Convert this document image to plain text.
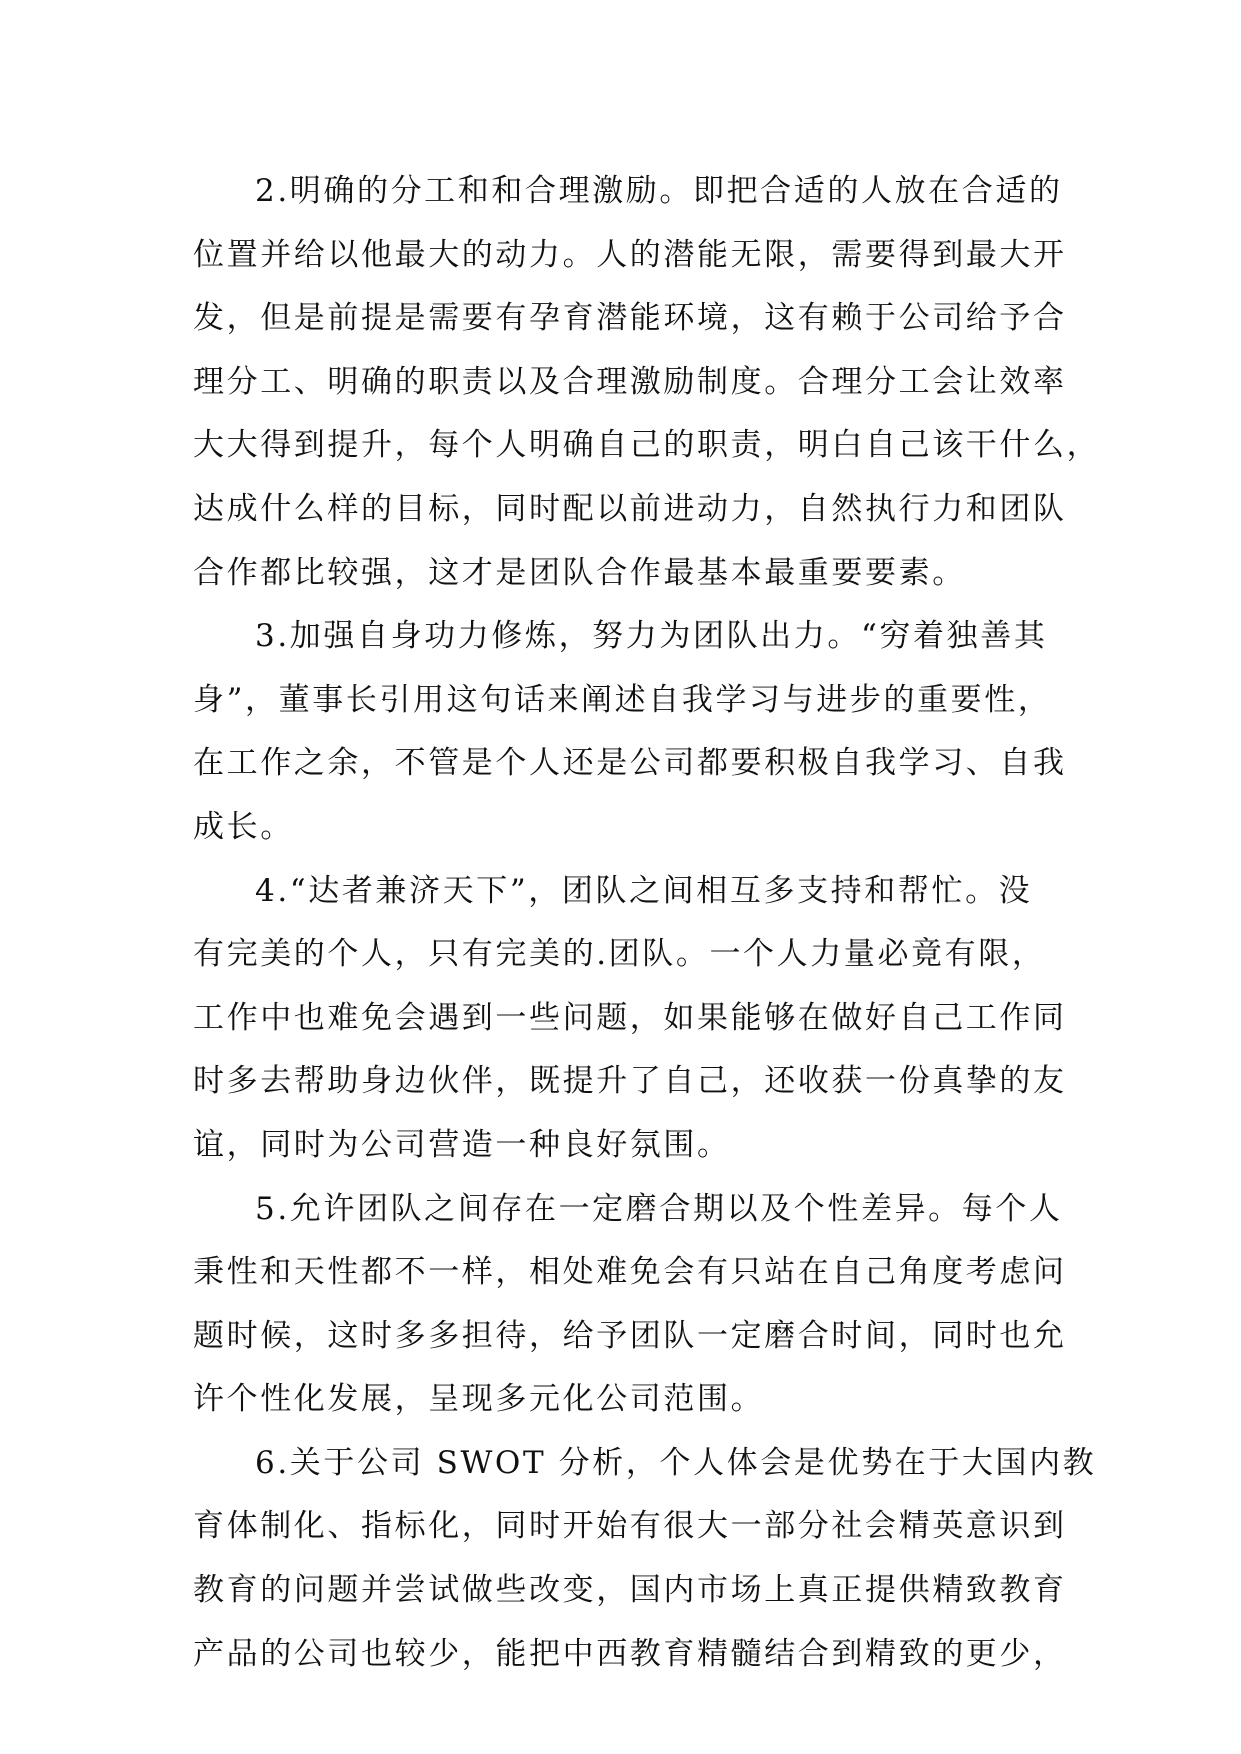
2.明确的分工和和合理激励。即把合适的人放在合适的
位置并给以他最大的动力。人的潜能无限，需要得到最大开
发，但是前提是需要有孕育潜能环境，这有赖于公司给予合
理分工、明确的职责以及合理激励制度。合理分工会让效率
大大得到提升，每个人明确自己的职责，明白自己该干什么，
达成什么样的目标，同时配以前进动力，自然执行力和团队
合作都比较强，这才是团队合作最基本最重要要素。
3.加强自身功力修炼，努力为团队出力。“穷着独善其
身”，董事长引用这句话来阐述自我学习与进步的重要性，
在工作之余，不管是个人还是公司都要积极自我学习、自我
成长。
4.“达者兼济天下”，团队之间相互多支持和帮忙。没
有完美的个人，只有完美的.团队。一个人力量必竟有限，
工作中也难免会遇到一些问题，如果能够在做好自己工作同
时多去帮助身边伙伴，既提升了自己，还收获一份真挚的友
谊，同时为公司营造一种良好氛围。
5.允许团队之间存在一定磨合期以及个性差异。每个人
秉性和天性都不一样，相处难免会有只站在自己角度考虑问
题时候，这时多多担待，给予团队一定磨合时间，同时也允
许个性化发展，呈现多元化公司范围。
6.关于公司 SWOT 分析，个人体会是优势在于大国内教
育体制化、指标化，同时开始有很大一部分社会精英意识到
教育的问题并尝试做些改变，国内市场上真正提供精致教育
产品的公司也较少，能把中西教育精髓结合到精致的更少，
